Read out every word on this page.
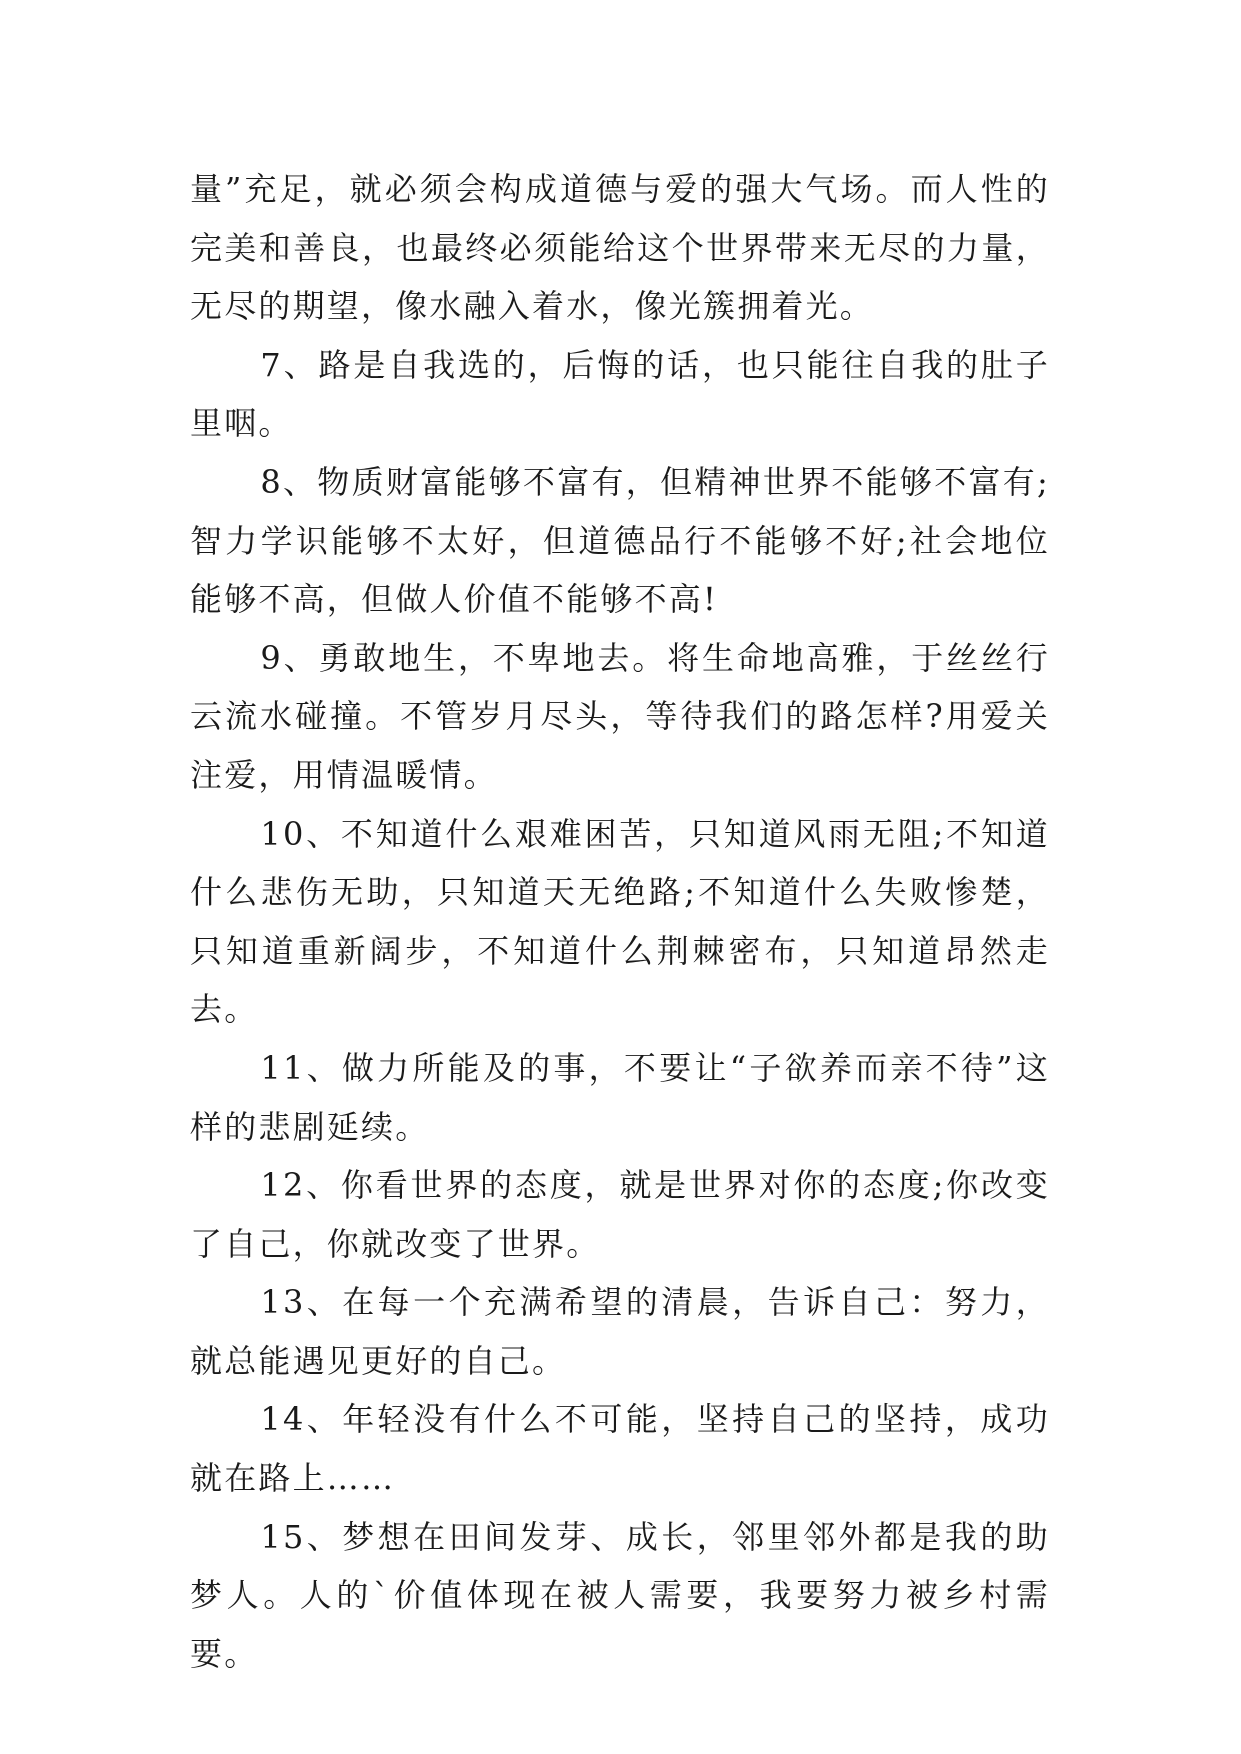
量”充足，就必须会构成道德与爱的强大气场。而人性的完美和善良，也最终必须能给这个世界带来无尽的力量，无尽的期望，像水融入着水，像光簇拥着光。

7、路是自我选的，后悔的话，也只能往自我的肚子里咽。

8、物质财富能够不富有，但精神世界不能够不富有;智力学识能够不太好，但道德品行不能够不好;社会地位能够不高，但做人价值不能够不高!

9、勇敢地生，不卑地去。将生命地高雅，于丝丝行云流水碰撞。不管岁月尽头，等待我们的路怎样?用爱关注爱，用情温暖情。

10、不知道什么艰难困苦，只知道风雨无阻;不知道什么悲伤无助，只知道天无绝路;不知道什么失败惨楚，只知道重新阔步，不知道什么荆棘密布，只知道昂然走去。

11、做力所能及的事，不要让“子欲养而亲不待”这样的悲剧延续。

12、你看世界的态度，就是世界对你的态度;你改变了自己，你就改变了世界。

13、在每一个充满希望的清晨，告诉自己：努力，就总能遇见更好的自己。

14、年轻没有什么不可能，坚持自己的坚持，成功就在路上……

15、梦想在田间发芽、成长，邻里邻外都是我的助梦人。人的`价值体现在被人需要，我要努力被乡村需要。
